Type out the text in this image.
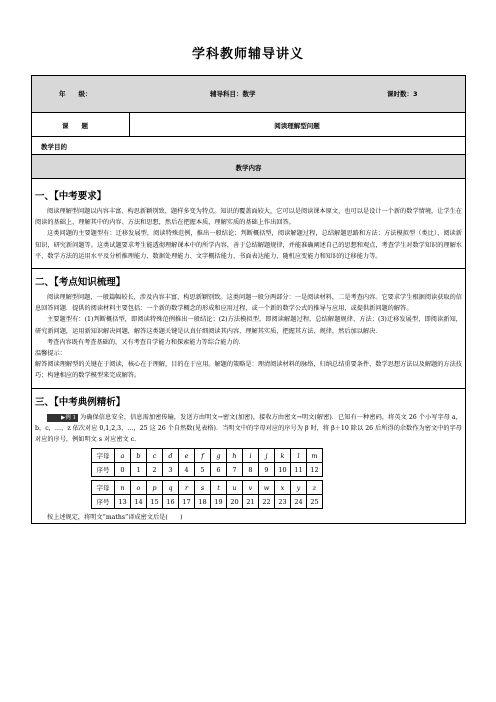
学科教师辅导讲义
年　　级：	辅导科目：数学	课时数：3
课　　题	阅读理解型问题
教学目的
教学内容
一、【中考要求】

阅读理解型问题以内容丰富、构思新颖别致、题样多变为特点。知识的覆盖面较大，它可以是阅读课本原文，也可以是设计一个新的数学情境，让学生在阅读的基础上，理解其中的内容、方法和思想，然后在把握本质，理解实质的基础上作出回答。

这类问题的主要题型有：迁移发展型，阅读特殊范例，推出一般结论；判断概括型，阅读解题过程，总结解题思路和方法；方法模拟型（类比），阅读新知识，研究新问题等。这类试题要求考生能透彻理解课本中的所学内容，善于总结解题规律，并能准确阐述自己的思想和观点，考查学生对数学知识的理解水平、数学方法的运用水平及分析推理能力、数据处理能力、文字概括能力、书面表达能力、随机应变能力和知识的迁移能力等。

二、【考点知识梳理】

阅读理解型问题，一般篇幅较长，涉及内容丰富，构思新颖别致。这类问题一般分两部分：一是阅读材料，二是考查内容。它要求学生根据阅读获取的信息回答问题．提供的阅读材料主要包括：一个新的数学概念的形成和应用过程，或一个新的数学公式的推导与应用，或提供新问题的解答。

主要题型有：(1)判断概括型，即阅读特殊范例推出一般结论；(2)方法模拟型，即阅读解题过程，总结解题规律、方法；(3)迁移发展型，即阅读新知，研究新问题，运用新知识解决问题，解答这类题关键是认真仔细阅读其内容，理解其实质，把握其方法、规律，然后加以解决．

考查内容既有考查基础的，又有考查自学能力和探索能力等综合能力的．

温馨提示：

解答阅读理解型的关键在于阅读，核心在于理解，目的在于应用。解题的策略是：理清阅读材料的脉络，归纳总结重要条件、数学思想方法以及解题的方法技巧；构建相应的数学模型来完成解答。

三、【中考典例精析】

▶例 1 为确保信息安全，信息需加密传输，发送方由明文→密文(加密)，接收方由密文→明文(解密)．已知有一种密码，将英文 26 个小写字母 a，b，c，…，z 依次对应 0,1,2,3，…，25 这 26 个自然数(见表格)．当明文中的字母对应的序号为 β 时，将 β＋10 除以 26 后所得的余数作为密文中的字母对应的序号，例如明文 s 对应密文 c.

字母	a	b	c	d	e	f	g	h	i	j	k	l	m
序号	0	1	2	3	4	5	6	7	8	9	10	11	12

字母	n	o	p	q	r	s	t	u	v	w	x	y	z
序号	13	14	15	16	17	18	19	20	21	22	23	24	25

按上述规定，将明文“maths”译成密文后是(　　)
